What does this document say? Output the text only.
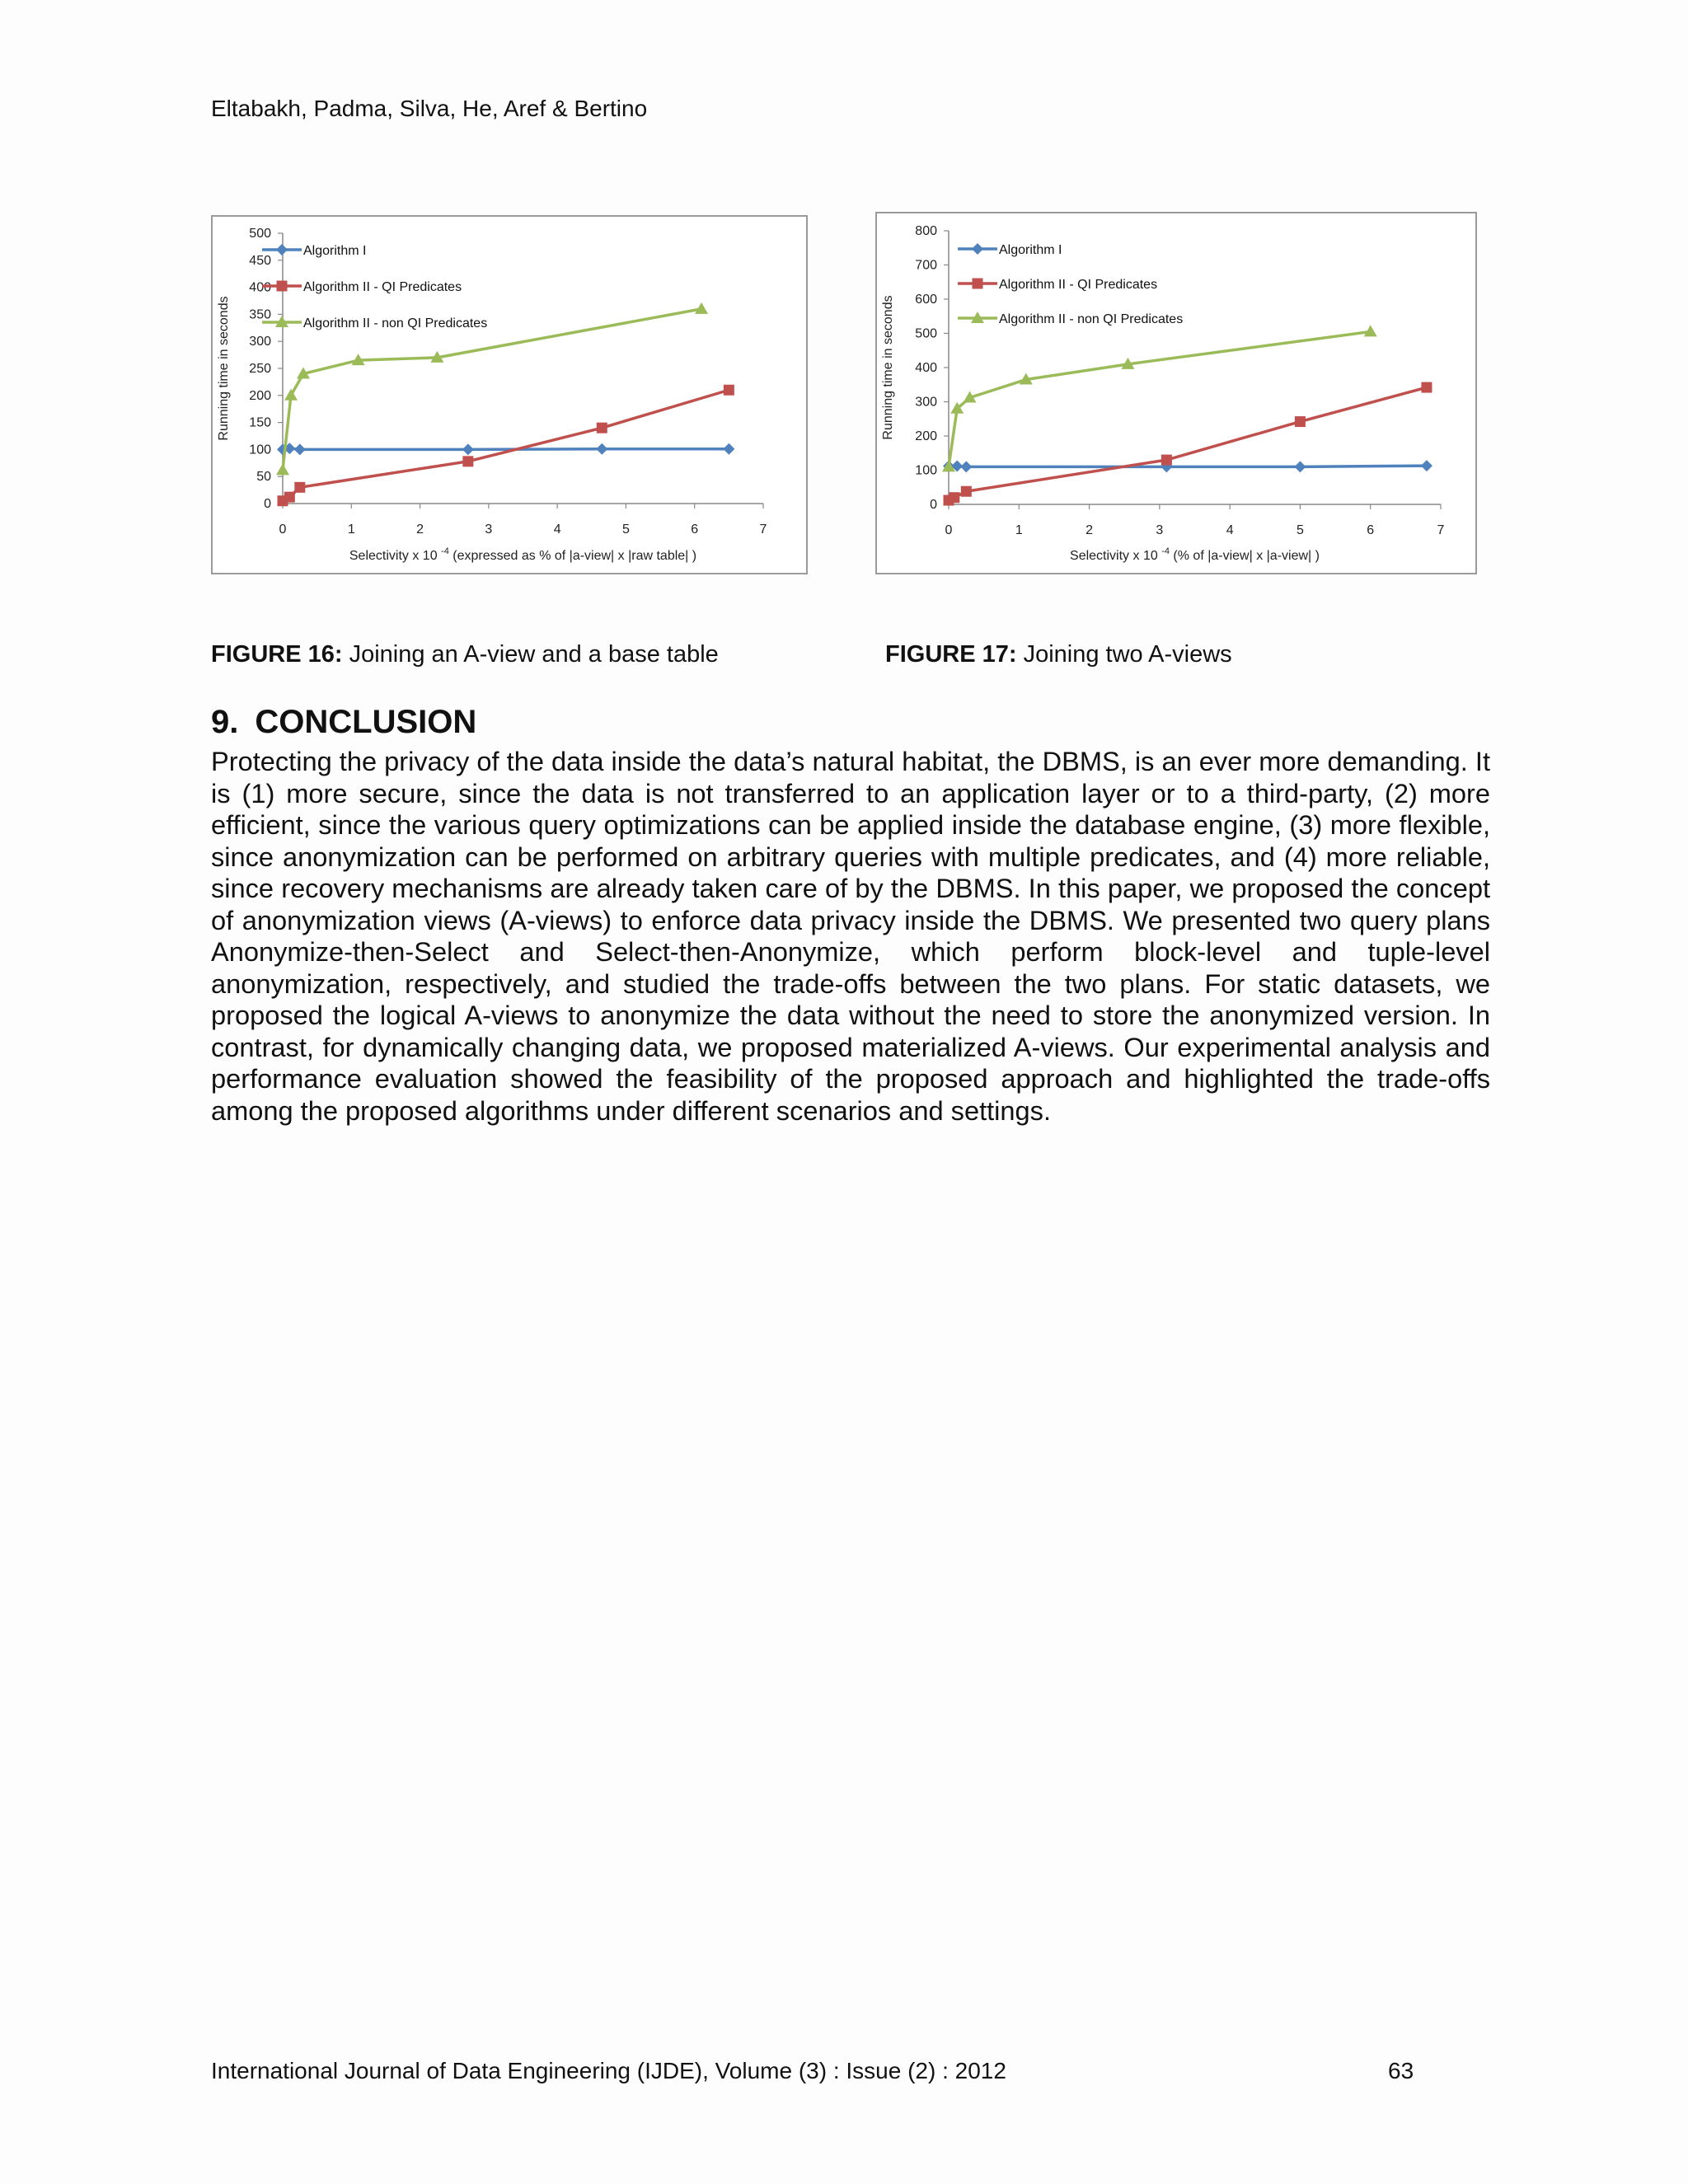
Eltabakh, Padma, Silva, He, Aref & Bertino
0
50
100
150
200
250
300
350
400
450
500
0	1	2	3	4	5	6	7
Running time in seconds
Selectivity x 10 $^{-4}$ (expressed as % of |a-view| x |raw table| )
Algorithm I
Algorithm II - QI Predicates
Algorithm II - non QI Predicates
0
100
200
300
400
500
600
700
800
0	1	2	3	4	5	6	7
Running time in seconds
Selectivity x 10 $^{-4}$ (% of |a-view| x |a-view| )
Algorithm I
Algorithm II - QI Predicates
Algorithm II - non QI Predicates
FIGURE 16: Joining an A-view and a base table	FIGURE 17: Joining two A-views
9. CONCLUSION

Protecting the privacy of the data inside the data’s natural habitat, the DBMS, is an ever more demanding. It is (1) more secure, since the data is not transferred to an application layer or to a third-party, (2) more efficient, since the various query optimizations can be applied inside the database engine, (3) more flexible, since anonymization can be performed on arbitrary queries with multiple predicates, and (4) more reliable, since recovery mechanisms are already taken care of by the DBMS. In this paper, we proposed the concept of anonymization views (A-views) to enforce data privacy inside the DBMS. We presented two query plans Anonymize-then-Select and Select-then-Anonymize, which perform block-level and tuple-level anonymization, respectively, and studied the trade-offs between the two plans. For static datasets, we proposed the logical A-views to anonymize the data without the need to store the anonymized version. In contrast, for dynamically changing data, we proposed materialized A-views. Our experimental analysis and performance evaluation showed the feasibility of the proposed approach and highlighted the trade-offs among the proposed algorithms under different scenarios and settings.

International Journal of Data Engineering (IJDE), Volume (3) : Issue (2) : 2012	63
